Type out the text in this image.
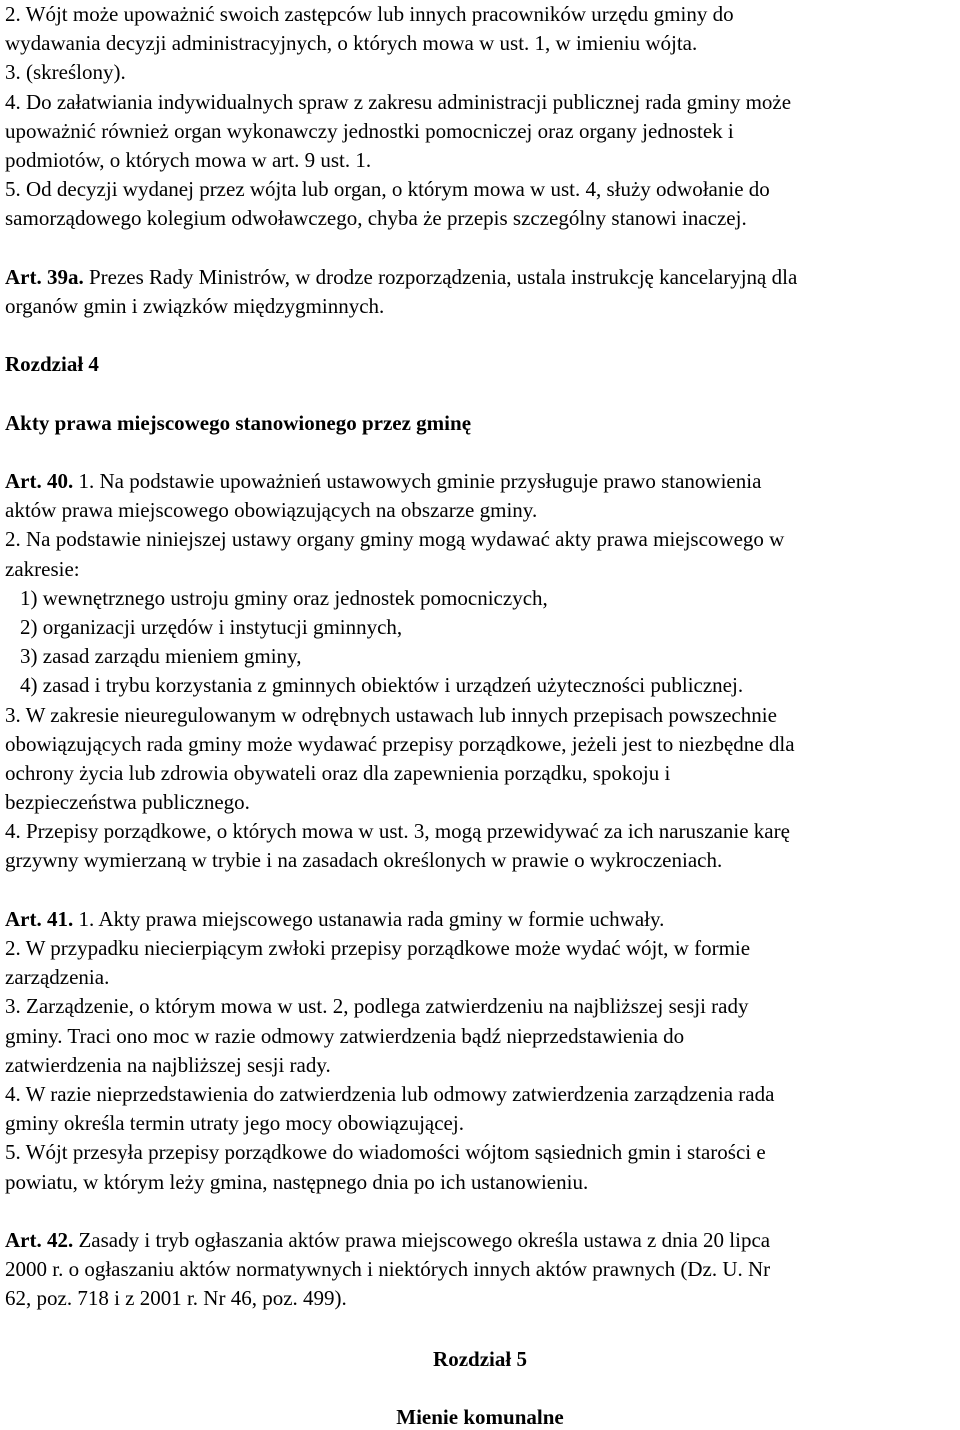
2. Wójt może upoważnić swoich zastępców lub innych pracowników urzędu gminy do
wydawania decyzji administracyjnych, o których mowa w ust. 1, w imieniu wójta.
3. (skreślony).
4. Do załatwiania indywidualnych spraw z zakresu administracji publicznej rada gminy może
upoważnić również organ wykonawczy jednostki pomocniczej oraz organy jednostek i
podmiotów, o których mowa w art. 9 ust. 1.
5. Od decyzji wydanej przez wójta lub organ, o którym mowa w ust. 4, służy odwołanie do
samorządowego kolegium odwoławczego, chyba że przepis szczególny stanowi inaczej.
Art. 39a. Prezes Rady Ministrów, w drodze rozporządzenia, ustala instrukcję kancelaryjną dla
organów gmin i związków międzygminnych.
Rozdział 4
Akty prawa miejscowego stanowionego przez gminę
Art. 40. 1. Na podstawie upoważnień ustawowych gminie przysługuje prawo stanowienia
aktów prawa miejscowego obowiązujących na obszarze gminy.
2. Na podstawie niniejszej ustawy organy gminy mogą wydawać akty prawa miejscowego w
zakresie:
1) wewnętrznego ustroju gminy oraz jednostek pomocniczych,
2) organizacji urzędów i instytucji gminnych,
3) zasad zarządu mieniem gminy,
4) zasad i trybu korzystania z gminnych obiektów i urządzeń użyteczności publicznej.
3. W zakresie nieuregulowanym w odrębnych ustawach lub innych przepisach powszechnie
obowiązujących rada gminy może wydawać przepisy porządkowe, jeżeli jest to niezbędne dla
ochrony życia lub zdrowia obywateli oraz dla zapewnienia porządku, spokoju i
bezpieczeństwa publicznego.
4. Przepisy porządkowe, o których mowa w ust. 3, mogą przewidywać za ich naruszanie karę
grzywny wymierzaną w trybie i na zasadach określonych w prawie o wykroczeniach.
Art. 41. 1. Akty prawa miejscowego ustanawia rada gminy w formie uchwały.
2. W przypadku niecierpiącym zwłoki przepisy porządkowe może wydać wójt, w formie
zarządzenia.
3. Zarządzenie, o którym mowa w ust. 2, podlega zatwierdzeniu na najbliższej sesji rady
gminy. Traci ono moc w razie odmowy zatwierdzenia bądź nieprzedstawienia do
zatwierdzenia na najbliższej sesji rady.
4. W razie nieprzedstawienia do zatwierdzenia lub odmowy zatwierdzenia zarządzenia rada
gminy określa termin utraty jego mocy obowiązującej.
5. Wójt przesyła przepisy porządkowe do wiadomości wójtom sąsiednich gmin i starości e
powiatu, w którym leży gmina, następnego dnia po ich ustanowieniu.
Art. 42. Zasady i tryb ogłaszania aktów prawa miejscowego określa ustawa z dnia 20 lipca
2000 r. o ogłaszaniu aktów normatywnych i niektórych innych aktów prawnych (Dz. U. Nr
62, poz. 718 i z 2001 r. Nr 46, poz. 499).
Rozdział 5
Mienie komunalne
